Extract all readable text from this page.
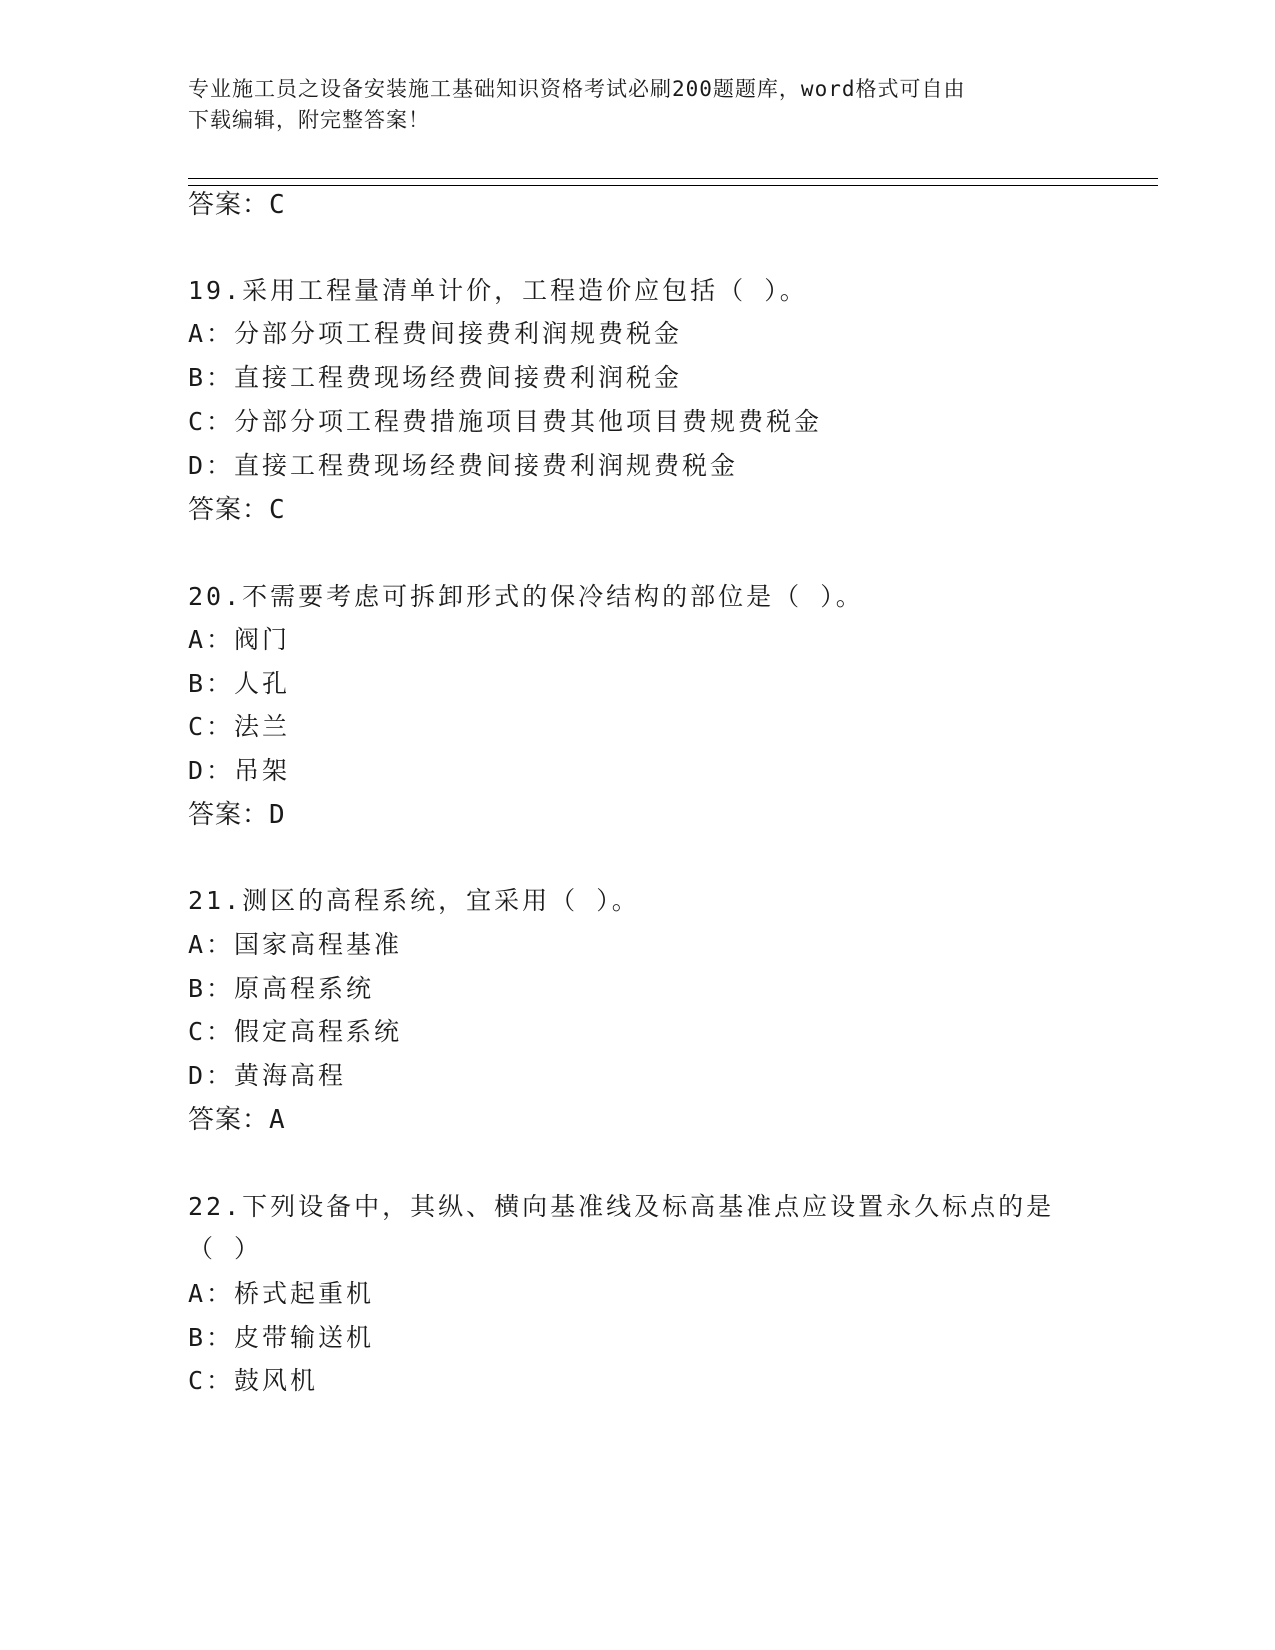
专业施工员之设备安装施工基础知识资格考试必刷200题题库，word格式可自由
下载编辑，附完整答案！
答案：C
19.采用工程量清单计价，工程造价应包括（ ）。
A：分部分项工程费间接费利润规费税金
B：直接工程费现场经费间接费利润税金
C：分部分项工程费措施项目费其他项目费规费税金
D：直接工程费现场经费间接费利润规费税金
答案：C
20.不需要考虑可拆卸形式的保冷结构的部位是（ ）。
A：阀门
B：人孔
C：法兰
D：吊架
答案：D
21.测区的高程系统，宜采用（ ）。
A：国家高程基准
B：原高程系统
C：假定高程系统
D：黄海高程
答案：A
22.下列设备中，其纵、横向基准线及标高基准点应设置永久标点的是
（ ）
A：桥式起重机
B：皮带输送机
C：鼓风机
